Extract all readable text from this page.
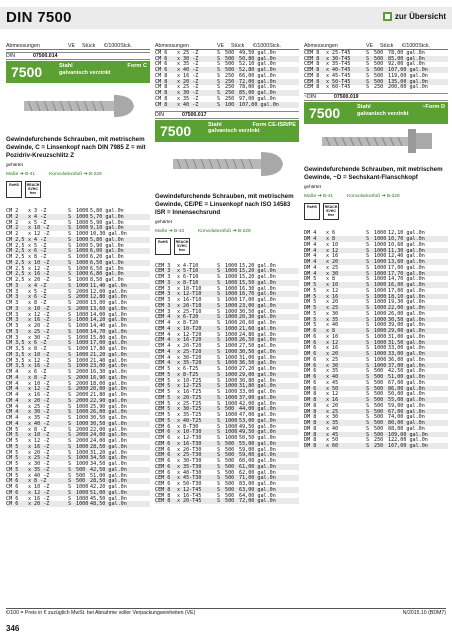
DIN 7500	zur Übersicht
Abmessungen	VE	Stück	€/1000Stck.
DIN	07500.014
7500	Stahl	Form C
galvanisch verzinkt
Gewindefurchende Schrauben, mit metrischem Gewinde, C = Linsenkopf nach DIN 7985 Z = mit Pozidriv-Kreuzschlitz Z
gehärtet
Maße ➔ B-41	Konvolutexsfuß ➔ B-228
RoHS	REACH SVHC free
CM 2	x 3 -Z	S 1000 5,80 gal.0n
CM 2	x 4 -Z	S 1000 5,70 gal.0n
CM 2	x 5 -Z	S 1000 5,90 gal.0n
CM 2	x 10 -Z	S 1000 9,10 gal.0n
CM 2	x 12 -Z	S 1000 10,30 gal.0n
CM 2,5 x 4 -Z	S 1000 5,80 gal.0n
CM 2,5 x 5 -Z	S 1000 5,90 gal.0n
CM 2,5 x 6 -Z	S 1000 6,00 gal.0n
CM 2,5 x 8 -Z	S 1000 6,20 gal.0n
CM 2,5 x 10 -Z	S 1000 6,50 gal.0n
CM 2,5 x 12 -Z	S 1000 6,50 gal.0n
CM 2,5 x 16 -Z	S 1000 6,80 gal.0n
CM 2,5 x 20 -Z	S 1000 8,50 gal.0n
CM 3	x 4 -Z	S 1000 11,40 gal.0n
CM 3	x 5 -Z	S 2000 12,00 gal.0n
CM 3	x 6 -Z	S 2000 12,80 gal.0n
CM 3	x 8 -Z	S 2000 13,00 gal.0n
CM 3	x 10 -Z	S 2000 13,60 gal.0n
CM 3	x 12 -Z	S 1000 14,00 gal.0n
CM 3	x 16 -Z	S 1000 14,20 gal.0n
CM 3	x 20 -Z	S 1000 14,40 gal.0n
CM 3	x 25 -Z	S 1000 14,70 gal.0n
CM 3	x 30 -Z	S 1000 15,80 gal.0n
CM 3,5 x 6 -Z	S 1000 17,00 gal.0n
CM 3,5 x 8 -Z	S 1000 17,80 gal.0n
CM 3,5 x 10 -Z	S 1000 21,20 gal.0n
CM 3,5 x 12 -Z	S 1000 21,40 gal.0n
CM 3,5 x 16 -Z	S 1000 23,00 gal.0n
CM 4	x 6 -Z	S 2000 16,30 gal.0n
CM 4	x 8 -Z	S 2000 16,90 gal.0n
CM 4	x 10 -Z	S 2000 18,00 gal.0n
CM 4	x 12 -Z	S 2000 20,00 gal.0n
CM 4	x 16 -Z	S 2000 21,80 gal.0n
CM 4	x 20 -Z	S 2000 22,90 gal.0n
CM 4	x 25 -Z	S 1000 25,90 gal.0n
CM 4	x 30 -Z	S 1000 26,00 gal.0n
CM 4	x 35 -Z	S 1000 30,50 gal.0n
CM 4	x 40 -Z	S 1000 30,50 gal.0n
CM 5	x 8 -Z	S 2000 22,00 gal.0n
CM 5	x 10 -Z	S 2000 24,00 gal.0n
CM 5	x 12 -Z	S 2000 24,00 gal.0n
CM 5	x 16 -Z	S 1000 28,50 gal.0n
CM 5	x 20 -Z	S 1000 31,20 gal.0n
CM 5	x 25 -Z	S 1000 34,50 gal.0n
CM 5	x 30 -Z	S 1000 34,50 gal.0n
CM 5	x 35 -Z	S 500 42,50 gal.0n
CM 5	x 40 -Z	S 500 51,00 gal.0n
CM 6	x 8 -Z	S 500 28,50 gal.0n
CM 6	x 10 -Z	S 1000 42,20 gal.0n
CM 6	x 12 -Z	S 1000 51,00 gal.0n
CM 6	x 16 -Z	S 1000 45,50 gal.0n
CM 6	x 20 -Z	S 1000 48,50 gal.0n
Abmessungen	VE	Stück	€/1000Stck.
CM 6	x 25 -Z	S 500 49,50 gal.0n
CM 6	x 30 -Z	S 500 50,80 gal.0n
CM 6	x 35 -Z	S 500 52,10 gal.0n
CM 6	x 40 -Z	S 500 52,80 gal.0n
CM 8	x 16 -Z	S 250 66,00 gal.0n
CM 8	x 20 -Z	S 250 72,00 gal.0n
CM 8	x 25 -Z	S 250 78,00 gal.0n
CM 8	x 30 -Z	S 250 85,00 gal.0n
CM 8	x 35 -Z	S 250 97,00 gal.0n
CM 8	x 40 -Z	S 100 107,00 gal.0n
DIN	07500.017
7500	Stahl	Form CE-ISR/PE
galvanisch verzinkt
Gewindefurchende Schrauben, mit metrischem Gewinde, CE/PE = Linsenkopf nach ISO 14583 ISR = Innensechsrund
gehärtet
Maße ➔ B-43	Konvolutexsfuß ➔ B-228
RoHS	REACH SVHC free
CEM 3	x 4-T10	S 1000 15,20 gal.0n
CEM 3	x 5-T10	S 1000 15,20 gal.0n
CEM 3	x 6-T10	S 1000 15,20 gal.0n
CEM 3	x 8-T10	S 1000 15,50 gal.0n
CEM 3	x 10-T10	S 1000 16,30 gal.0n
CEM 3	x 12-T10	S 1000 16,70 gal.0n
CEM 3	x 16-T10	S 1000 17,00 gal.0n
CEM 3	x 20-T10	S 1000 23,00 gal.0n
CEM 3	x 25-T10	S 1000 30,50 gal.0n
CEM 4	x 6-T20	S 1000 20,30 gal.0n
CEM 4	x 8-T20	S 1000 20,60 gal.0n
CEM 4	x 10-T20	S 1000 21,60 gal.0n
CEM 4	x 12-T20	S 1000 24,80 gal.0n
CEM 4	x 16-T20	S 1000 26,50 gal.0n
CEM 4	x 20-T20	S 1000 27,50 gal.0n
CEM 4	x 25-T20	S 1000 30,50 gal.0n
CEM 4	x 30-T20	S 1000 31,00 gal.0n
CEM 4	x 35-T20	S 1000 36,50 gal.0n
CEM 5	x 6-T25	S 1000 27,20 gal.0n
CEM 5	x 8-T25	S 1000 29,00 gal.0n
CEM 5	x 10-T25	S 1000 30,80 gal.0n
CEM 5	x 12-T25	S 1000 31,80 gal.0n
CEM 5	x 16-T25	S 1000 33,00 gal.0n
CEM 5	x 20-T25	S 1000 37,00 gal.0n
CEM 5	x 25-T25	S 1000 42,00 gal.0n
CEM 5	x 30-T25	S 500 44,00 gal.0n
CEM 5	x 35-T25	S 1000 47,00 gal.0n
CEM 5	x 40-T25	S 1000 53,00 gal.0n
CEM 6	x 8-T30	S 1000 49,50 gal.0n
CEM 6	x 10-T30	S 1000 49,50 gal.0n
CEM 6	x 12-T30	S 1000 50,50 gal.0n
CEM 6	x 16-T30	S 500 55,00 gal.0n
CEM 6	x 20-T30	S 500 59,00 gal.0n
CEM 6	x 25-T30	S 500 59,00 gal.0n
CEM 6	x 30-T30	S 500 60,00 gal.0n
CEM 6	x 35-T30	S 500 61,00 gal.0n
CEM 6	x 40-T30	S 500 62,00 gal.0n
CEM 6	x 45-T30	S 500 71,00 gal.0n
CEM 6	x 50-T30	S 500 83,00 gal.0n
CEM 8	x 12-T45	S 500 63,00 gal.0n
CEM 8	x 16-T45	S 500 64,00 gal.0n
CEM 8	x 20-T45	S 500 72,00 gal.0n
Abmessungen	VE	Stück	€/1000Stck.
CEM 8	x 25-T45	S 500 78,00 gal.0n
CEM 8	x 30-T45	S 500 85,00 gal.0n
CEM 8	x 35-T45	S 500 92,00 gal.0n
CEM 8	x 40-T45	S 500 107,00 gal.0n
CEM 8	x 45-T45	S 500 119,00 gal.0n
CEM 8	x 50-T45	S 500 135,00 gal.0n
CEM 8	x 60-T45	S 250 200,00 gal.0n
~DIN	07500.019
7500	Stahl	~Form D
galvanisch verzinkt
Gewindefurchende Schrauben, mit metrischem Gewinde, ~D = Sechskant-Flanschkopf
gehärtet
Maße ➔ B-41	Konvolutexsfuß ➔ B-228
RoHS	REACH SVHC free
DM 4	x 6	S 1000 12,10 gal.0n
DM 4	x 8	S 1000 10,70 gal.0n
DM 4	x 10	S 1000 10,60 gal.0n
DM 4	x 12	S 1000 11,30 gal.0n
DM 4	x 16	S 1000 12,40 gal.0n
DM 4	x 20	S 1000 13,60 gal.0n
DM 4	x 25	S 1000 17,00 gal.0n
DM 4	x 30	S 1000 17,70 gal.0n
DM 5	x 8	S 1000 14,70 gal.0n
DM 5	x 10	S 1000 16,00 gal.0n
DM 5	x 12	S 1000 17,00 gal.0n
DM 5	x 16	S 1000 18,10 gal.0n
DM 5	x 20	S 1000 19,30 gal.0n
DM 5	x 25	S 1000 22,00 gal.0n
DM 5	x 30	S 1000 26,00 gal.0n
DM 5	x 35	S 1000 30,50 gal.0n
DM 5	x 40	S 1000 39,00 gal.0n
DM 6	x 8	S 1000 29,00 gal.0n
DM 6	x 10	S 1000 31,00 gal.0n
DM 6	x 12	S 1000 31,50 gal.0n
DM 6	x 16	S 1000 33,00 gal.0n
DM 6	x 20	S 1000 33,00 gal.0n
DM 6	x 25	S 1000 36,00 gal.0n
DM 6	x 30	S 1000 37,00 gal.0n
DM 6	x 35	S 500 42,50 gal.0n
DM 6	x 40	S 500 51,00 gal.0n
DM 6	x 45	S 500 67,00 gal.0n
DM 6	x 50	S 500 86,00 gal.0n
DM 8	x 12	S 500 50,00 gal.0n
DM 8	x 16	S 500 55,00 gal.0n
DM 8	x 20	S 500 59,00 gal.0n
DM 8	x 25	S 500 67,00 gal.0n
DM 8	x 30	S 500 74,00 gal.0n
DM 8	x 35	S 500 80,00 gal.0n
DM 8	x 40	S 500 88,00 gal.0n
DM 8	x 45	S 500 109,00 gal.0n
DM 8	x 50	S 250 122,00 gal.0n
DM 8	x 60	S 250 167,00 gal.0n
€/100 = Preis in € zuzüglich MwSt. bei Abnahme voller Verpackungseinheiten (VE)	N/2015.10 (BDM7)
346
